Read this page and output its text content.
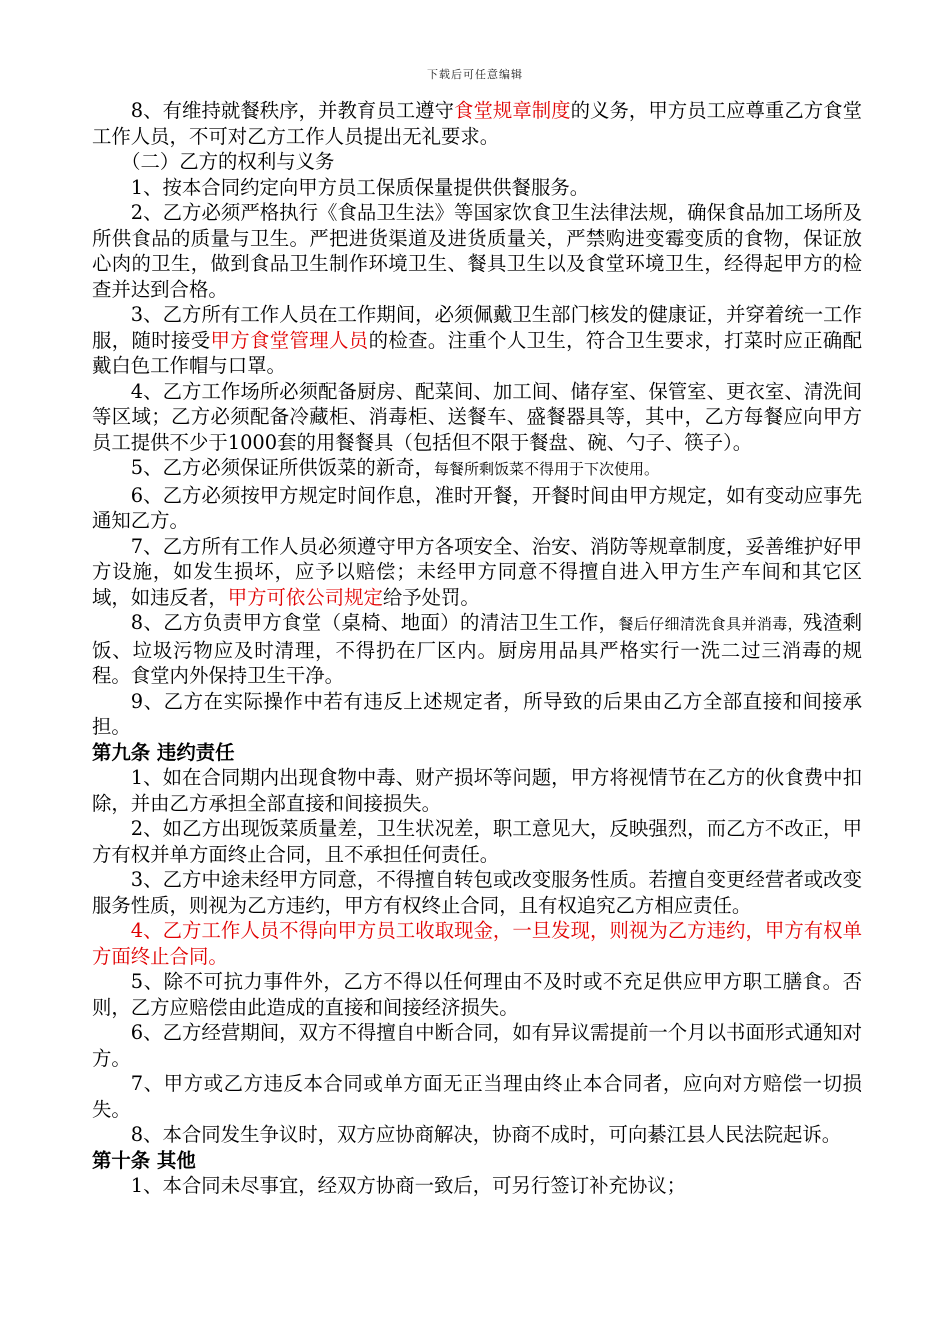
下载后可任意编辑

8、有维持就餐秩序，并教育员工遵守食堂规章制度的义务，甲方员工应尊重乙方食堂工作人员，不可对乙方工作人员提出无礼要求。

（二）乙方的权利与义务

1、按本合同约定向甲方员工保质保量提供供餐服务。

2、乙方必须严格执行《食品卫生法》等国家饮食卫生法律法规，确保食品加工场所及所供食品的质量与卫生。严把进货渠道及进货质量关，严禁购进变霉变质的食物，保证放心肉的卫生，做到食品卫生制作环境卫生、餐具卫生以及食堂环境卫生，经得起甲方的检查并达到合格。

3、乙方所有工作人员在工作期间，必须佩戴卫生部门核发的健康证，并穿着统一工作服，随时接受甲方食堂管理人员的检查。注重个人卫生，符合卫生要求，打菜时应正确配戴白色工作帽与口罩。

4、乙方工作场所必须配备厨房、配菜间、加工间、储存室、保管室、更衣室、清洗间等区域；乙方必须配备冷藏柜、消毒柜、送餐车、盛餐器具等，其中，乙方每餐应向甲方员工提供不少于1000套的用餐餐具（包括但不限于餐盘、碗、勺子、筷子）。

5、乙方必须保证所供饭菜的新奇，每餐所剩饭菜不得用于下次使用。

6、乙方必须按甲方规定时间作息，准时开餐，开餐时间由甲方规定，如有变动应事先通知乙方。

7、乙方所有工作人员必须遵守甲方各项安全、治安、消防等规章制度，妥善维护好甲方设施，如发生损坏，应予以赔偿；未经甲方同意不得擅自进入甲方生产车间和其它区域，如违反者，甲方可依公司规定给予处罚。

8、乙方负责甲方食堂（桌椅、地面）的清洁卫生工作，餐后仔细清洗食具并消毒，残渣剩饭、垃圾污物应及时清理，不得扔在厂区内。厨房用品具严格实行一洗二过三消毒的规程。食堂内外保持卫生干净。

9、乙方在实际操作中若有违反上述规定者，所导致的后果由乙方全部直接和间接承担。

第九条 违约责任

1、如在合同期内出现食物中毒、财产损坏等问题，甲方将视情节在乙方的伙食费中扣除，并由乙方承担全部直接和间接损失。

2、如乙方出现饭菜质量差，卫生状况差，职工意见大，反映强烈，而乙方不改正，甲方有权并单方面终止合同，且不承担任何责任。

3、乙方中途未经甲方同意，不得擅自转包或改变服务性质。若擅自变更经营者或改变服务性质，则视为乙方违约，甲方有权终止合同，且有权追究乙方相应责任。

4、乙方工作人员不得向甲方员工收取现金，一旦发现，则视为乙方违约，甲方有权单方面终止合同。

5、除不可抗力事件外，乙方不得以任何理由不及时或不充足供应甲方职工膳食。否则，乙方应赔偿由此造成的直接和间接经济损失。

6、乙方经营期间，双方不得擅自中断合同，如有异议需提前一个月以书面形式通知对方。

7、甲方或乙方违反本合同或单方面无正当理由终止本合同者，应向对方赔偿一切损失。

8、本合同发生争议时，双方应协商解决，协商不成时，可向綦江县人民法院起诉。

第十条 其他

1、本合同未尽事宜，经双方协商一致后，可另行签订补充协议；
